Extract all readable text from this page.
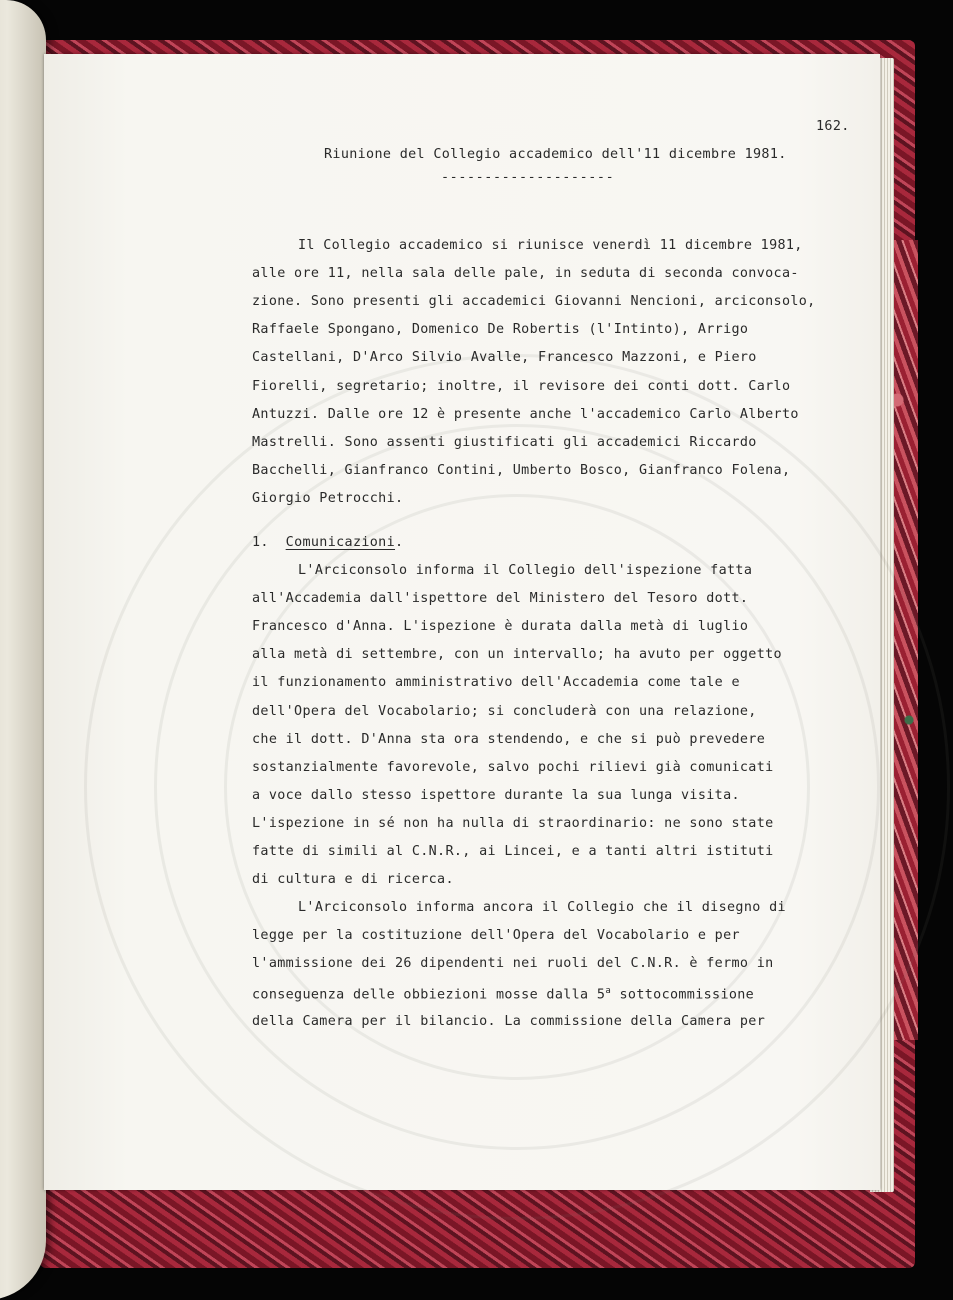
162.
Riunione del Collegio accademico dell'11 dicembre 1981.
--------------------
Il Collegio accademico si riunisce venerdì 11 dicembre 1981,
alle ore 11, nella sala delle pale, in seduta di seconda convoca-
zione. Sono presenti gli accademici Giovanni Nencioni, arciconsolo,
Raffaele Spongano, Domenico De Robertis (l'Intinto), Arrigo
Castellani, D'Arco Silvio Avalle, Francesco Mazzoni, e Piero
Fiorelli, segretario; inoltre, il revisore dei conti dott. Carlo
Antuzzi. Dalle ore 12 è presente anche l'accademico Carlo Alberto
Mastrelli. Sono assenti giustificati gli accademici Riccardo
Bacchelli, Gianfranco Contini, Umberto Bosco, Gianfranco Folena,
Giorgio Petrocchi.
1. Comunicazioni.
L'Arciconsolo informa il Collegio dell'ispezione fatta
all'Accademia dall'ispettore del Ministero del Tesoro dott.
Francesco d'Anna. L'ispezione è durata dalla metà di luglio
alla metà di settembre, con un intervallo; ha avuto per oggetto
il funzionamento amministrativo dell'Accademia come tale e
dell'Opera del Vocabolario; si concluderà con una relazione,
che il dott. D'Anna sta ora stendendo, e che si può prevedere
sostanzialmente favorevole, salvo pochi rilievi già comunicati
a voce dallo stesso ispettore durante la sua lunga visita.
L'ispezione in sé non ha nulla di straordinario: ne sono state
fatte di simili al C.N.R., ai Lincei, e a tanti altri istituti
di cultura e di ricerca.
L'Arciconsolo informa ancora il Collegio che il disegno di
legge per la costituzione dell'Opera del Vocabolario e per
l'ammissione dei 26 dipendenti nei ruoli del C.N.R. è fermo in
conseguenza delle obbiezioni mosse dalla 5$^a$ sottocommissione
della Camera per il bilancio. La commissione della Camera per
